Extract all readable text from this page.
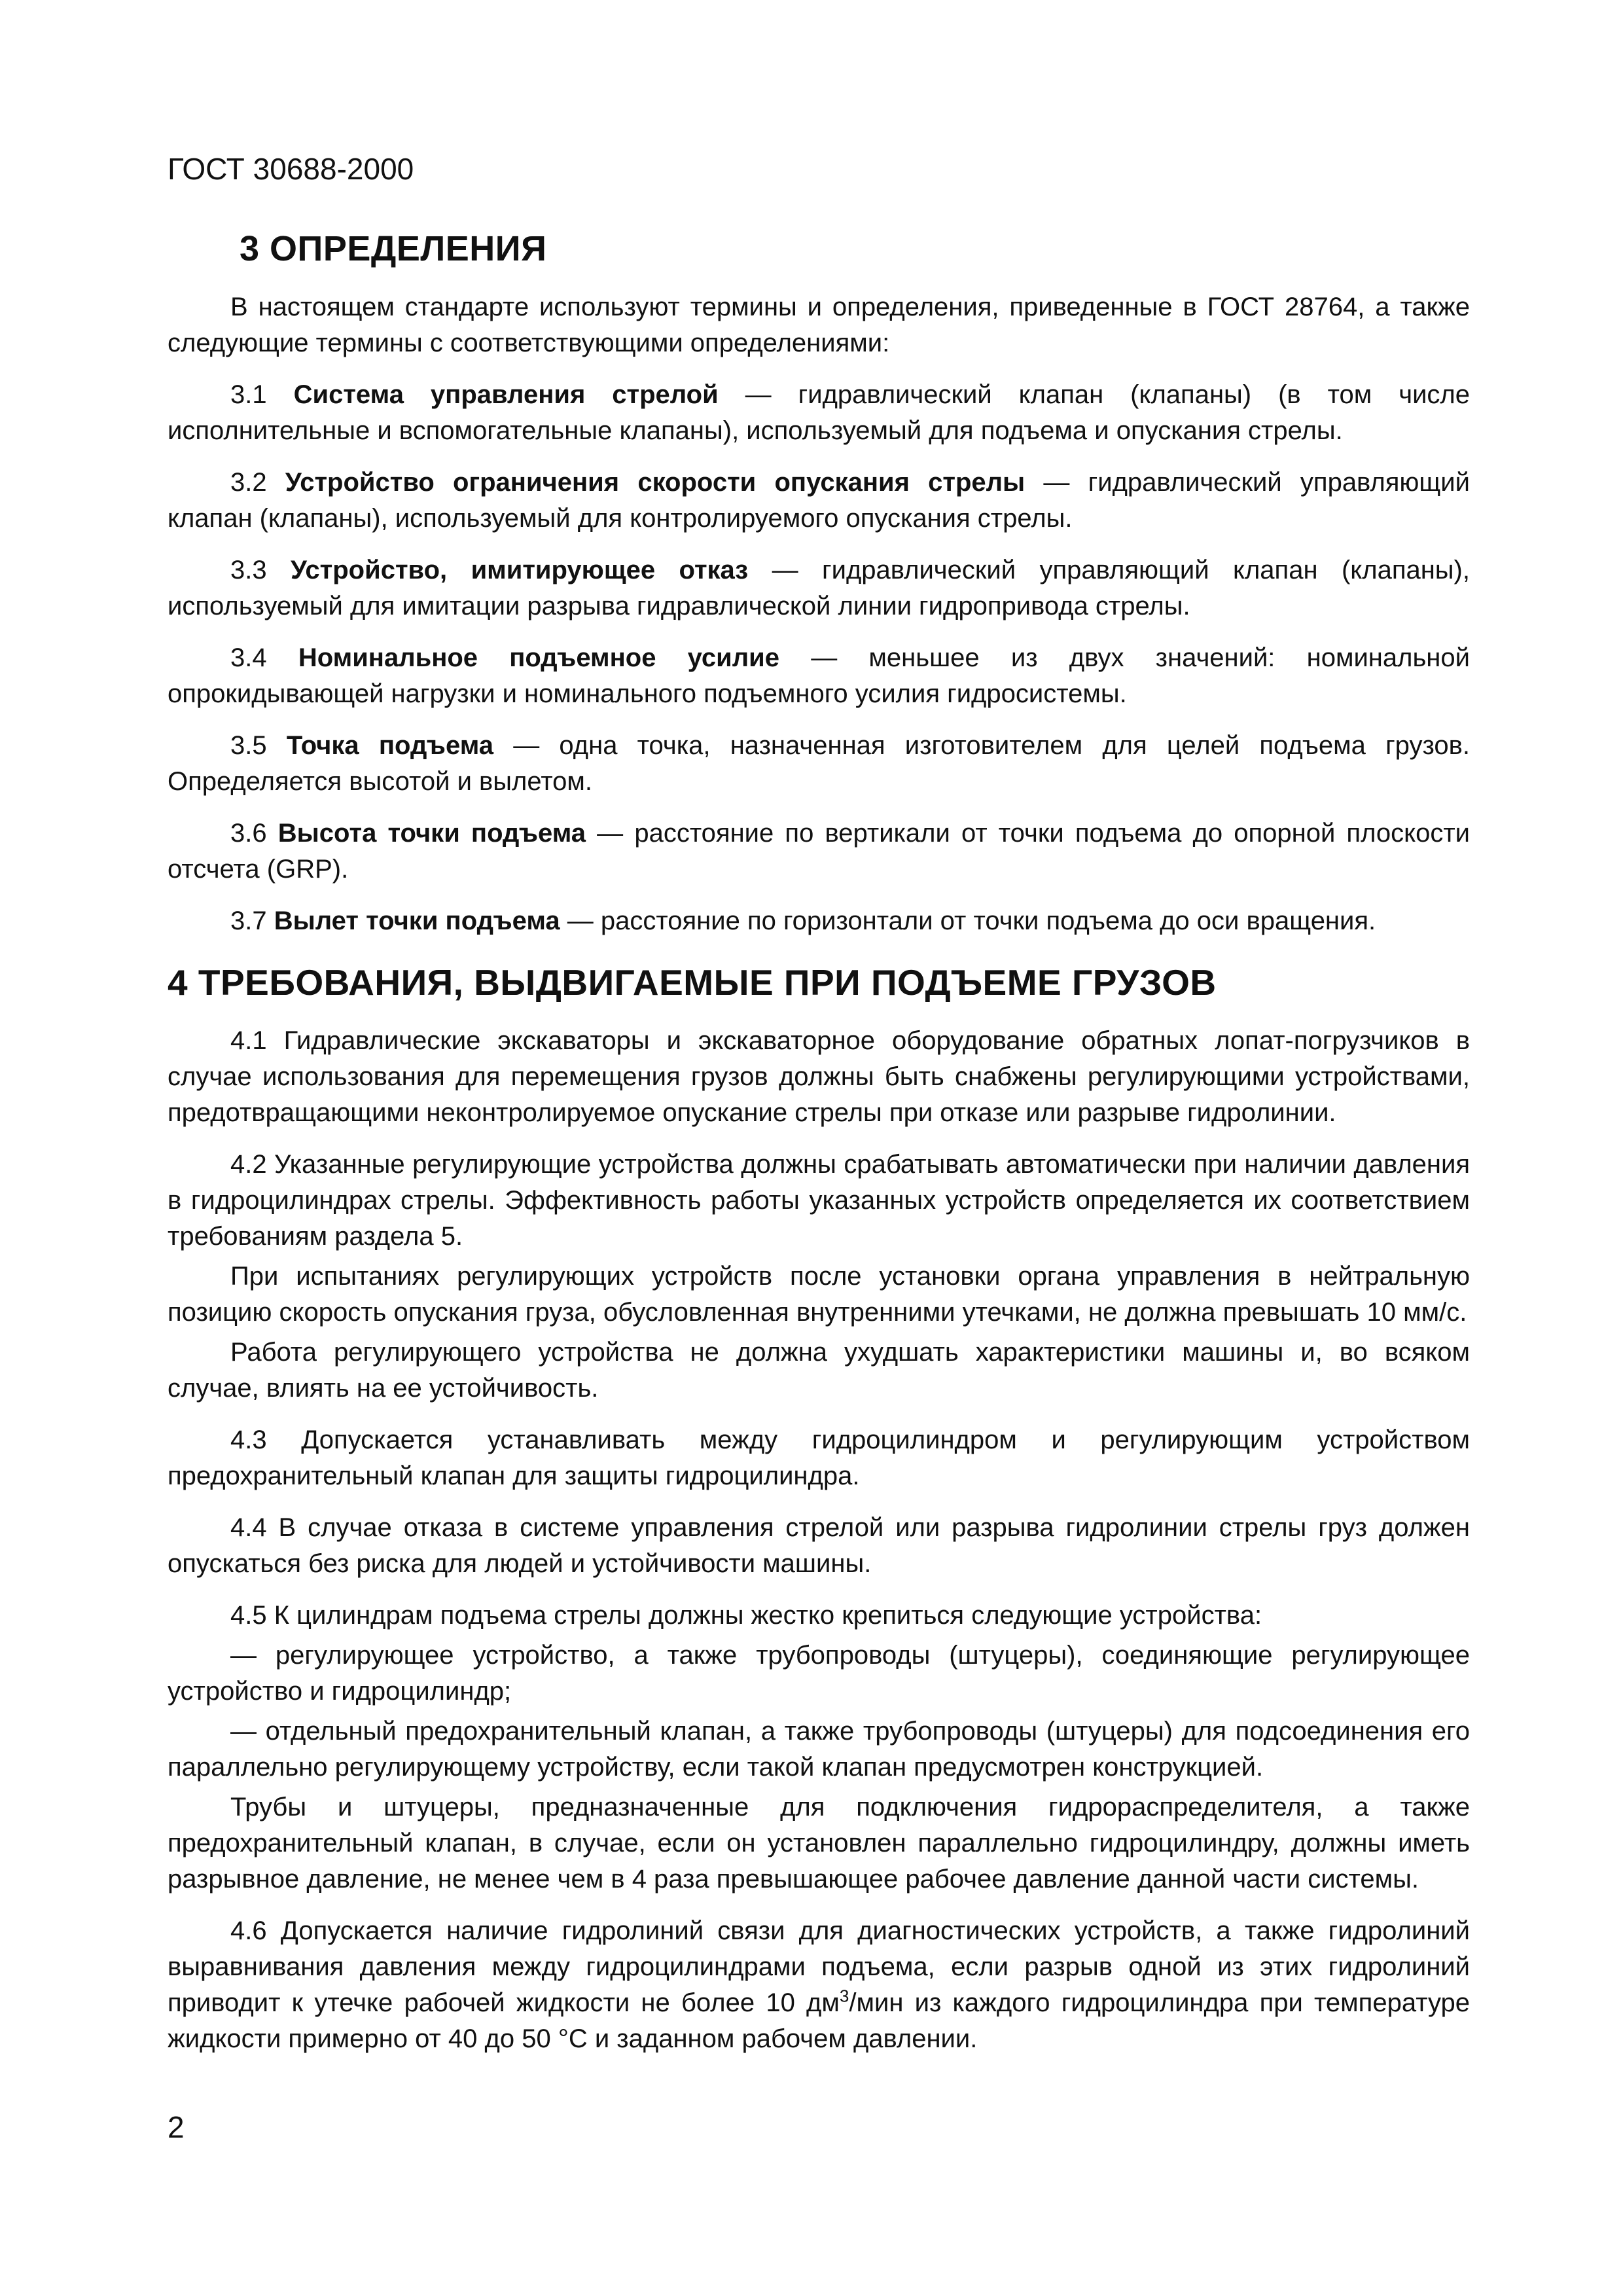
ГОСТ 30688-2000
3 ОПРЕДЕЛЕНИЯ

В настоящем стандарте используют термины и определения, приведенные в ГОСТ 28764, а также следующие термины с соответствующими определениями:

3.1 Система управления стрелой — гидравлический клапан (клапаны) (в том числе исполнительные и вспомогательные клапаны), используемый для подъема и опускания стрелы.

3.2 Устройство ограничения скорости опускания стрелы — гидравлический управляющий клапан (клапаны), используемый для контролируемого опускания стрелы.

3.3 Устройство, имитирующее отказ — гидравлический управляющий клапан (клапаны), используемый для имитации разрыва гидравлической линии гидропривода стрелы.

3.4 Номинальное подъемное усилие — меньшее из двух значений: номинальной опрокидывающей нагрузки и номинального подъемного усилия гидросистемы.

3.5 Точка подъема — одна точка, назначенная изготовителем для целей подъема грузов. Определяется высотой и вылетом.

3.6 Высота точки подъема — расстояние по вертикали от точки подъема до опорной плоскости отсчета (GRP).

3.7 Вылет точки подъема — расстояние по горизонтали от точки подъема до оси вращения.

4 ТРЕБОВАНИЯ, ВЫДВИГАЕМЫЕ ПРИ ПОДЪЕМЕ ГРУЗОВ

4.1 Гидравлические экскаваторы и экскаваторное оборудование обратных лопат-погрузчиков в случае использования для перемещения грузов должны быть снабжены регулирующими устройствами, предотвращающими неконтролируемое опускание стрелы при отказе или разрыве гидролинии.

4.2 Указанные регулирующие устройства должны срабатывать автоматически при наличии давления в гидроцилиндрах стрелы. Эффективность работы указанных устройств определяется их соответствием требованиям раздела 5.

При испытаниях регулирующих устройств после установки органа управления в нейтральную позицию скорость опускания груза, обусловленная внутренними утечками, не должна превышать 10 мм/с.

Работа регулирующего устройства не должна ухудшать характеристики машины и, во всяком случае, влиять на ее устойчивость.

4.3 Допускается устанавливать между гидроцилиндром и регулирующим устройством предохранительный клапан для защиты гидроцилиндра.

4.4 В случае отказа в системе управления стрелой или разрыва гидролинии стрелы груз должен опускаться без риска для людей и устойчивости машины.

4.5 К цилиндрам подъема стрелы должны жестко крепиться следующие устройства:

— регулирующее устройство, а также трубопроводы (штуцеры), соединяющие регулирующее устройство и гидроцилиндр;

— отдельный предохранительный клапан, а также трубопроводы (штуцеры) для подсоединения его параллельно регулирующему устройству, если такой клапан предусмотрен конструкцией.

Трубы и штуцеры, предназначенные для подключения гидрораспределителя, а также предохранительный клапан, в случае, если он установлен параллельно гидроцилиндру, должны иметь разрывное давление, не менее чем в 4 раза превышающее рабочее давление данной части системы.

4.6 Допускается наличие гидролиний связи для диагностических устройств, а также гидролиний выравнивания давления между гидроцилиндрами подъема, если разрыв одной из этих гидролиний приводит к утечке рабочей жидкости не более 10 $дм^3$/мин из каждого гидроцилиндра при температуре жидкости примерно от 40 до 50 °C и заданном рабочем давлении.

2
